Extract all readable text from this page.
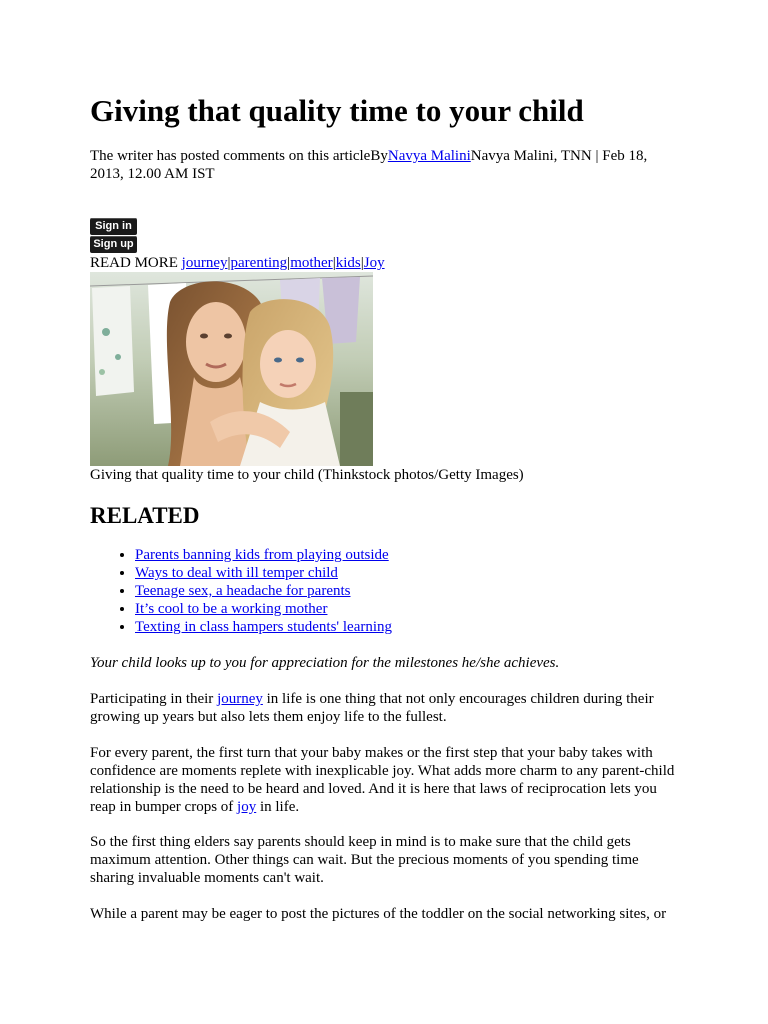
Giving that quality time to your child
The writer has posted comments on this articleByNavya MaliniNavya Malini, TNN | Feb 18, 2013, 12.00 AM IST
Sign in
Sign up
READ MORE journey|parenting|mother|kids|Joy
Giving that quality time to your child (Thinkstock photos/Getty Images)
RELATED
• Parents banning kids from playing outside
• Ways to deal with ill temper child
• Teenage sex, a headache for parents
• It’s cool to be a working mother
• Texting in class hampers students' learning

Your child looks up to you for appreciation for the milestones he/she achieves.

Participating in their journey in life is one thing that not only encourages children during their growing up years but also lets them enjoy life to the fullest.

For every parent, the first turn that your baby makes or the first step that your baby takes with confidence are moments replete with inexplicable joy. What adds more charm to any parent-child relationship is the need to be heard and loved. And it is here that laws of reciprocation lets you reap in bumper crops of joy in life.

So the first thing elders say parents should keep in mind is to make sure that the child gets maximum attention. Other things can wait. But the precious moments of you spending time sharing invaluable moments can't wait.

While a parent may be eager to post the pictures of the toddler on the social networking sites, or
